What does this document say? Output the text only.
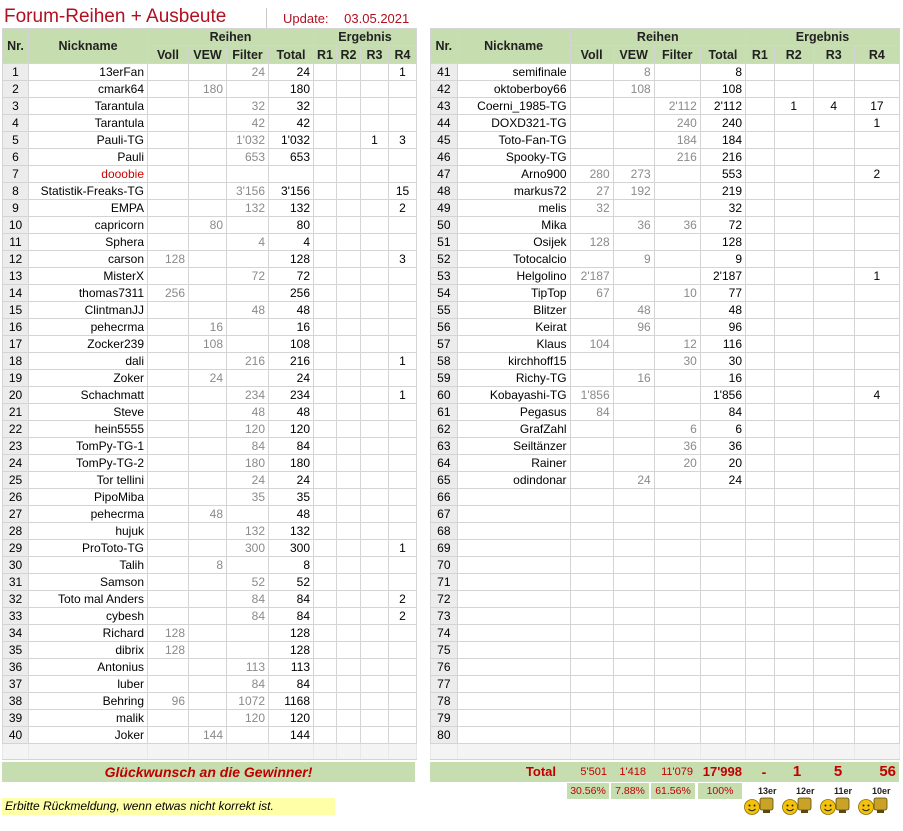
Forum-Reihen + Ausbeute	Update: 03.05.2021
Nr.	Nickname	Reihen				Ergebnis			
		Voll	VEW	Filter	Total	R1	R2	R3	R4
1	13erFan			24	24				1
2	cmark64		180		180				
3	Tarantula			32	32				
4	Tarantula			42	42				
5	Pauli-TG			1'032	1'032			1	3
6	Pauli			653	653				
7	dooobie								
8	Statistik-Freaks-TG			3'156	3'156				15
9	EMPA			132	132				2
10	capricorn		80		80				
11	Sphera			4	4				
12	carson	128			128				3
13	MisterX			72	72				
14	thomas7311	256			256				
15	ClintmanJJ			48	48				
16	pehecrma		16		16				
17	Zocker239		108		108				
18	dali			216	216				1
19	Zoker		24		24				
20	Schachmatt			234	234				1
21	Steve			48	48				
22	hein5555			120	120				
23	TomPy-TG-1			84	84				
24	TomPy-TG-2			180	180				
25	Tor tellini			24	24				
26	PipoMiba			35	35				
27	pehecrma		48		48				
28	hujuk			132	132				
29	ProToto-TG			300	300				1
30	Talih		8		8				
31	Samson			52	52				
32	Toto mal Anders			84	84				2
33	cybesh			84	84				2
34	Richard	128			128				
35	dibrix	128			128				
36	Antonius			113	113				
37	luber			84	84				
38	Behring	96		1072	1168				
39	malik			120	120				
40	Joker		144		144				

Nr.	Nickname	Reihen				Ergebnis			
		Voll	VEW	Filter	Total	R1	R2	R3	R4
41	semifinale		8		8				
42	oktoberboy66		108		108				
43	Coerni_1985-TG			2'112	2'112		1	4	17
44	DOXD321-TG			240	240				1
45	Toto-Fan-TG			184	184				
46	Spooky-TG			216	216				
47	Arno900	280	273		553				2
48	markus72	27	192		219				
49	melis	32			32				
50	Mika		36	36	72				
51	Osijek	128			128				
52	Totocalcio		9		9				
53	Helgolino	2'187			2'187				1
54	TipTop	67		10	77				
55	Blitzer		48		48				
56	Keirat		96		96				
57	Klaus	104		12	116				
58	kirchhoff15			30	30				
59	Richy-TG		16		16				
60	Kobayashi-TG	1'856			1'856				4
61	Pegasus	84			84				
62	GrafZahl			6	6				
63	Seiltänzer			36	36				
64	Rainer			20	20				
65	odindonar		24		24				
66									
67									
68									
69									
70									
71									
72									
73									
74									
75									
76									
77									
78									
79									
80									

Glückwunsch an die Gewinner!	Total	5'501	1'418	11'079 17'998	-	1	5	56
30.56% 7.88% 61.56%	100%
Erbitte Rückmeldung, wenn etwas nicht korrekt ist.
13er 12er 11er 10er
